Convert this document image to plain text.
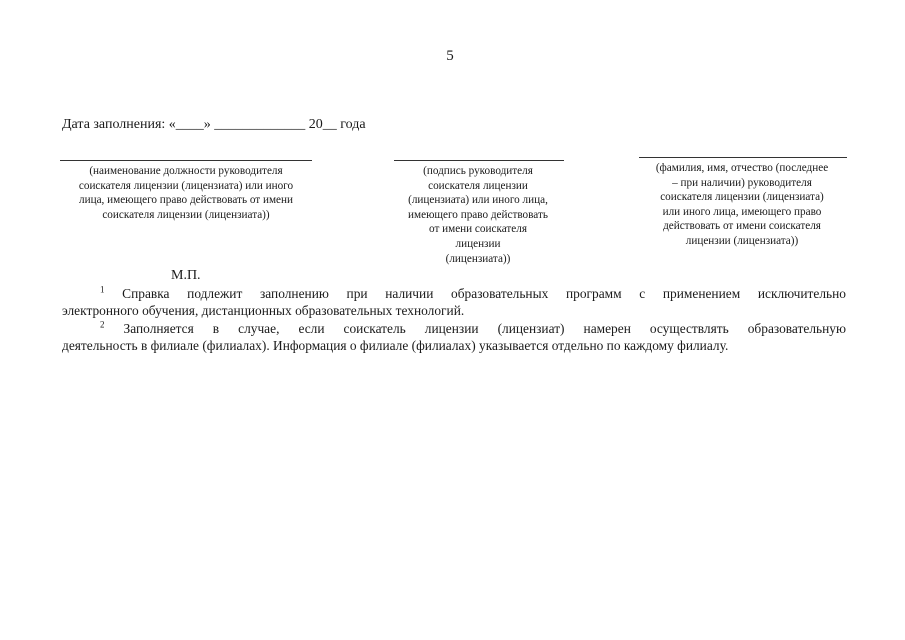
5
Дата заполнения: «____» _____________ 20__ года
(наименование должности руководителя
соискателя лицензии (лицензиата) или иного
лица, имеющего право действовать от имени
соискателя лицензии (лицензиата))
(подпись руководителя
соискателя лицензии
(лицензиата) или иного лица,
имеющего право действовать
от имени соискателя
лицензии
(лицензиата))
(фамилия, имя, отчество (последнее
– при наличии) руководителя
соискателя лицензии (лицензиата)
или иного лица, имеющего право
действовать от имени соискателя
лицензии (лицензиата))
М.П.
$^1$ Справка подлежит заполнению при наличии образовательных программ с применением исключительно
электронного обучения, дистанционных образовательных технологий.
$^2$ Заполняется в случае, если соискатель лицензии (лицензиат) намерен осуществлять образовательную
деятельность в филиале (филиалах). Информация о филиале (филиалах) указывается отдельно по каждому филиалу.
